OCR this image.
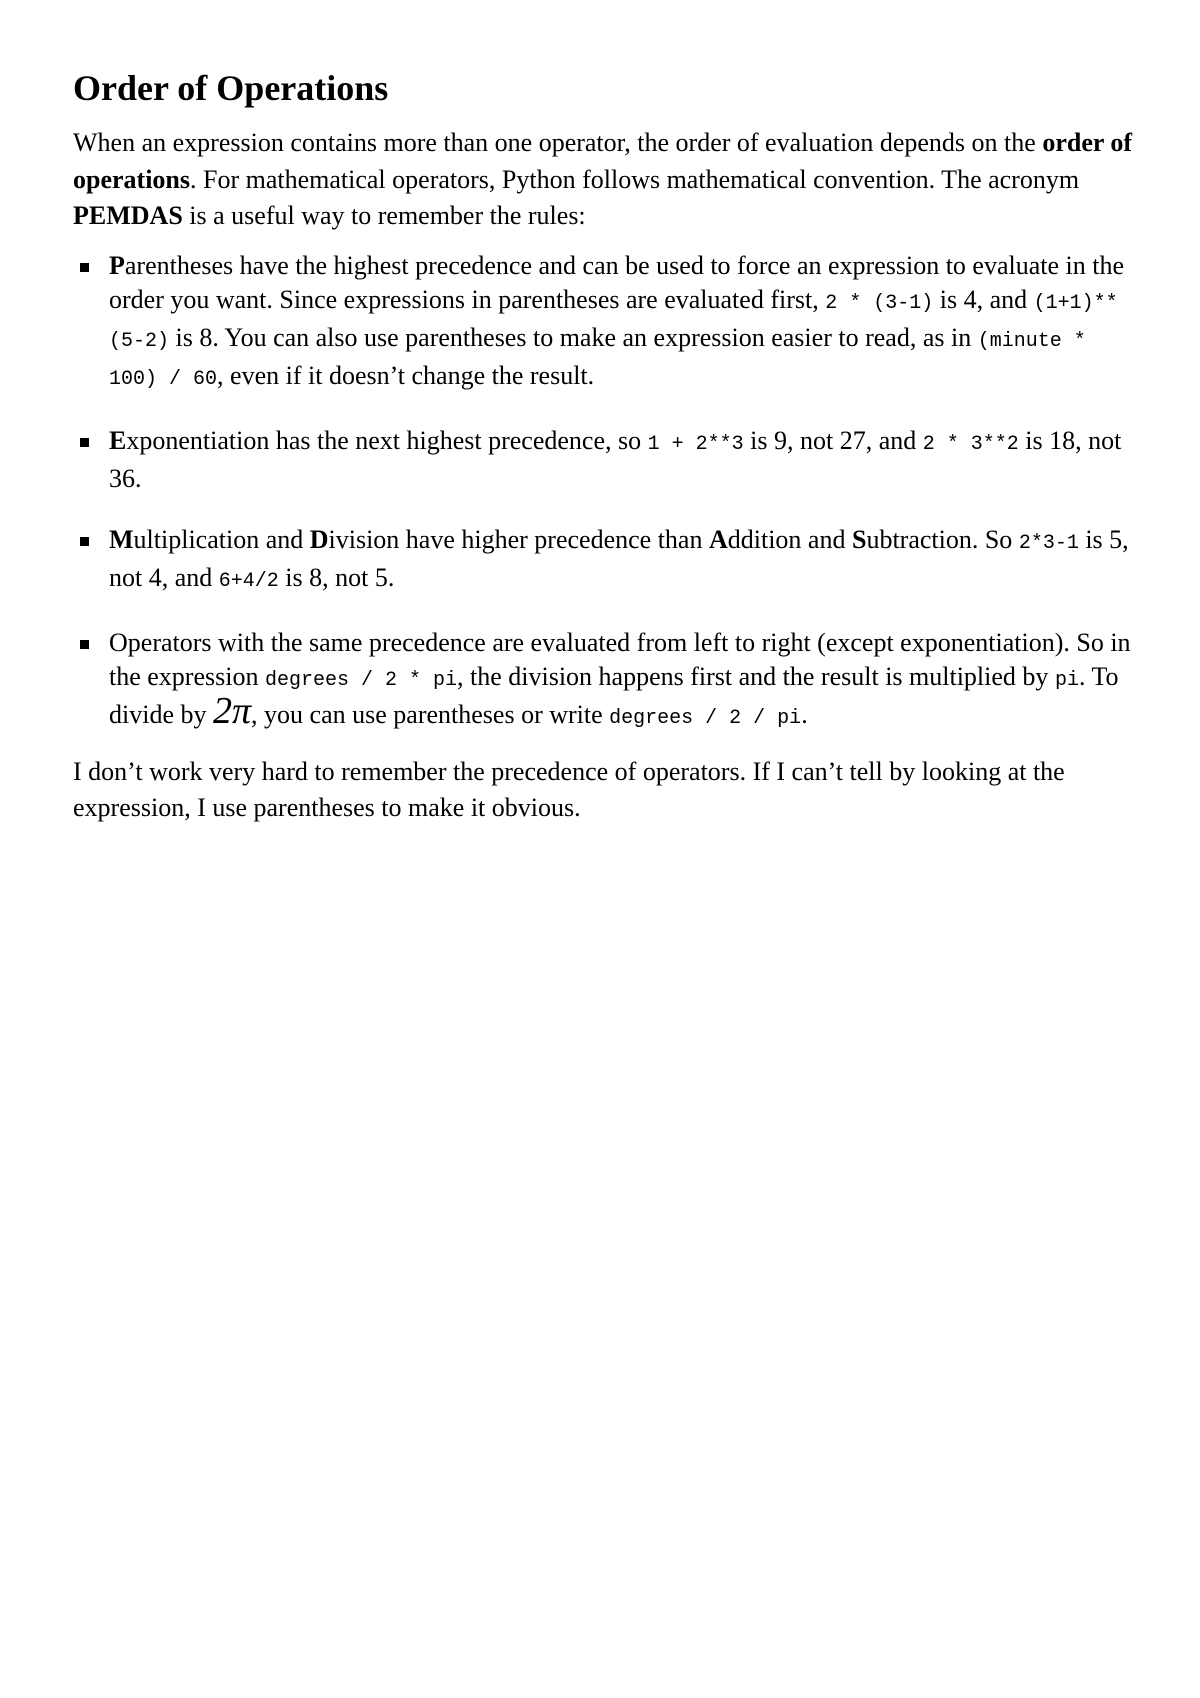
Order of Operations

When an expression contains more than one operator, the order of evaluation depends on the order of operations. For mathematical operators, Python follows mathematical convention. The acronym PEMDAS is a useful way to remember the rules:

Parentheses have the highest precedence and can be used to force an expression to evaluate in the order you want. Since expressions in parentheses are evaluated first, 2 * (3-1) is 4, and (1+1)**(5-2) is 8. You can also use parentheses to make an expression easier to read, as in (minute * 100) / 60, even if it doesn’t change the result.
Exponentiation has the next highest precedence, so 1 + 2**3 is 9, not 27, and 2 * 3**2 is 18, not 36.
Multiplication and Division have higher precedence than Addition and Subtraction. So 2*3-1 is 5, not 4, and 6+4/2 is 8, not 5.
Operators with the same precedence are evaluated from left to right (except exponentiation). So in the expression degrees / 2 * pi, the division happens first and the result is multiplied by pi. To divide by 2π, you can use parentheses or write degrees / 2 / pi.

I don’t work very hard to remember the precedence of operators. If I can’t tell by looking at the expression, I use parentheses to make it obvious.
